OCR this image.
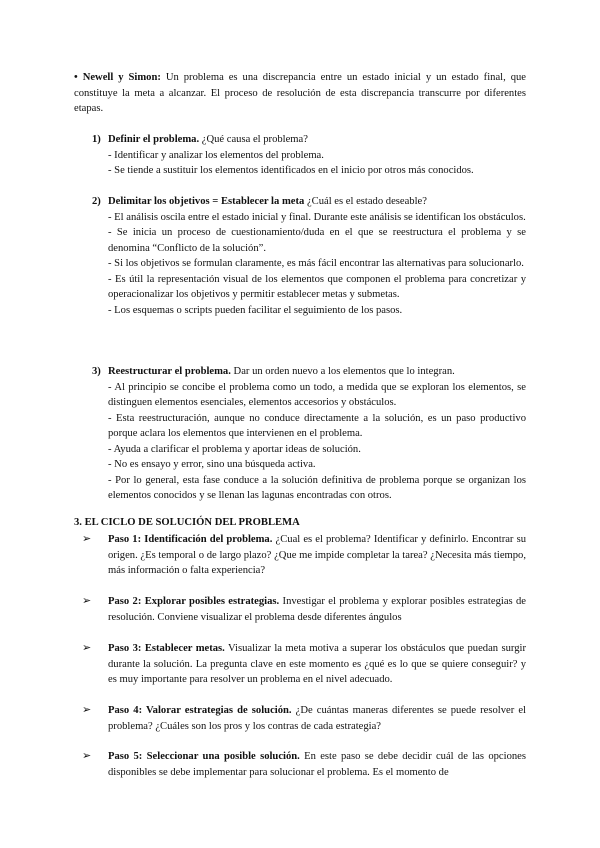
• Newell y Simon: Un problema es una discrepancia entre un estado inicial y un estado final, que constituye la meta a alcanzar. El proceso de resolución de esta discrepancia transcurre por diferentes etapas.
1) Definir el problema. ¿Qué causa el problema?
- Identificar y analizar los elementos del problema.
- Se tiende a sustituir los elementos identificados en el inicio por otros más conocidos.
2) Delimitar los objetivos = Establecer la meta ¿Cuál es el estado deseable?
- El análisis oscila entre el estado inicial y final. Durante este análisis se identifican los obstáculos.
- Se inicia un proceso de cuestionamiento/duda en el que se reestructura el problema y se denomina “Conflicto de la solución”.
- Si los objetivos se formulan claramente, es más fácil encontrar las alternativas para solucionarlo.
- Es útil la representación visual de los elementos que componen el problema para concretizar y operacionalizar los objetivos y permitir establecer metas y submetas.
- Los esquemas o scripts pueden facilitar el seguimiento de los pasos.
3) Reestructurar el problema. Dar un orden nuevo a los elementos que lo integran.
- Al principio se concibe el problema como un todo, a medida que se exploran los elementos, se distinguen elementos esenciales, elementos accesorios y obstáculos.
- Esta reestructuración, aunque no conduce directamente a la solución, es un paso productivo porque aclara los elementos que intervienen en el problema.
- Ayuda a clarificar el problema y aportar ideas de solución.
- No es ensayo y error, sino una búsqueda activa.
- Por lo general, esta fase conduce a la solución definitiva de problema porque se organizan los elementos conocidos y se llenan las lagunas encontradas con otros.
3. EL CICLO DE SOLUCIÓN DEL PROBLEMA
➢ Paso 1: Identificación del problema. ¿Cual es el problema? Identificar y definirlo. Encontrar su origen. ¿Es temporal o de largo plazo? ¿Que me impide completar la tarea? ¿Necesita más tiempo, más información o falta experiencia?
➢ Paso 2: Explorar posibles estrategias. Investigar el problema y explorar posibles estrategias de resolución. Conviene visualizar el problema desde diferentes ángulos
➢ Paso 3: Establecer metas. Visualizar la meta motiva a superar los obstáculos que puedan surgir durante la solución. La pregunta clave en este momento es ¿qué es lo que se quiere conseguir? y es muy importante para resolver un problema en el nivel adecuado.
➢ Paso 4: Valorar estrategias de solución. ¿De cuántas maneras diferentes se puede resolver el problema? ¿Cuáles son los pros y los contras de cada estrategia?
➢ Paso 5: Seleccionar una posible solución. En este paso se debe decidir cuál de las opciones disponibles se debe implementar para solucionar el problema. Es el momento de
